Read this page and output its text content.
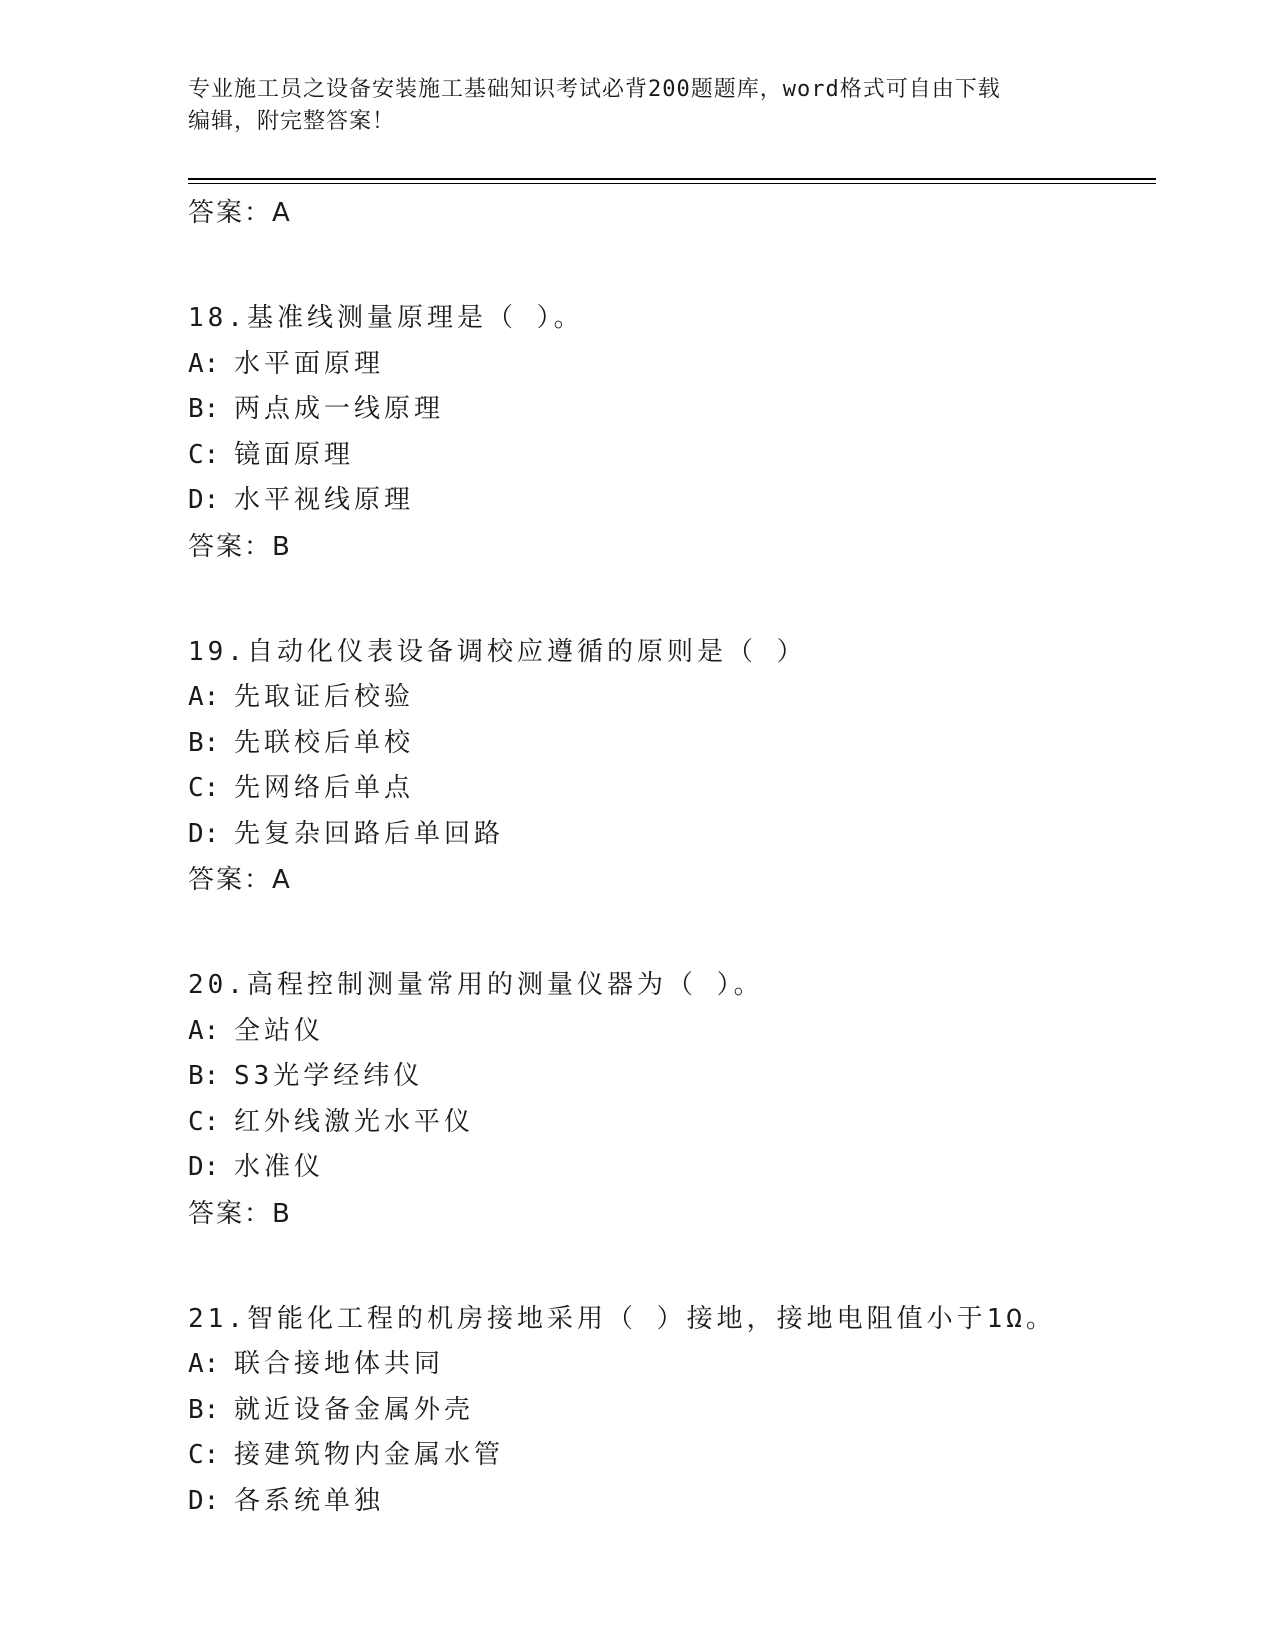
专业施工员之设备安装施工基础知识考试必背200题题库，word格式可自由下载
编辑，附完整答案！
答案：A
18.基准线测量原理是（ ）。
A: 水平面原理
B: 两点成一线原理
C: 镜面原理
D: 水平视线原理
答案：B
19.自动化仪表设备调校应遵循的原则是（ ）
A: 先取证后校验
B: 先联校后单校
C: 先网络后单点
D: 先复杂回路后单回路
答案：A
20.高程控制测量常用的测量仪器为（ ）。
A: 全站仪
B: S3光学经纬仪
C: 红外线激光水平仪
D: 水准仪
答案：B
21.智能化工程的机房接地采用（ ）接地，接地电阻值小于1Ω。
A: 联合接地体共同
B: 就近设备金属外壳
C: 接建筑物内金属水管
D: 各系统单独
